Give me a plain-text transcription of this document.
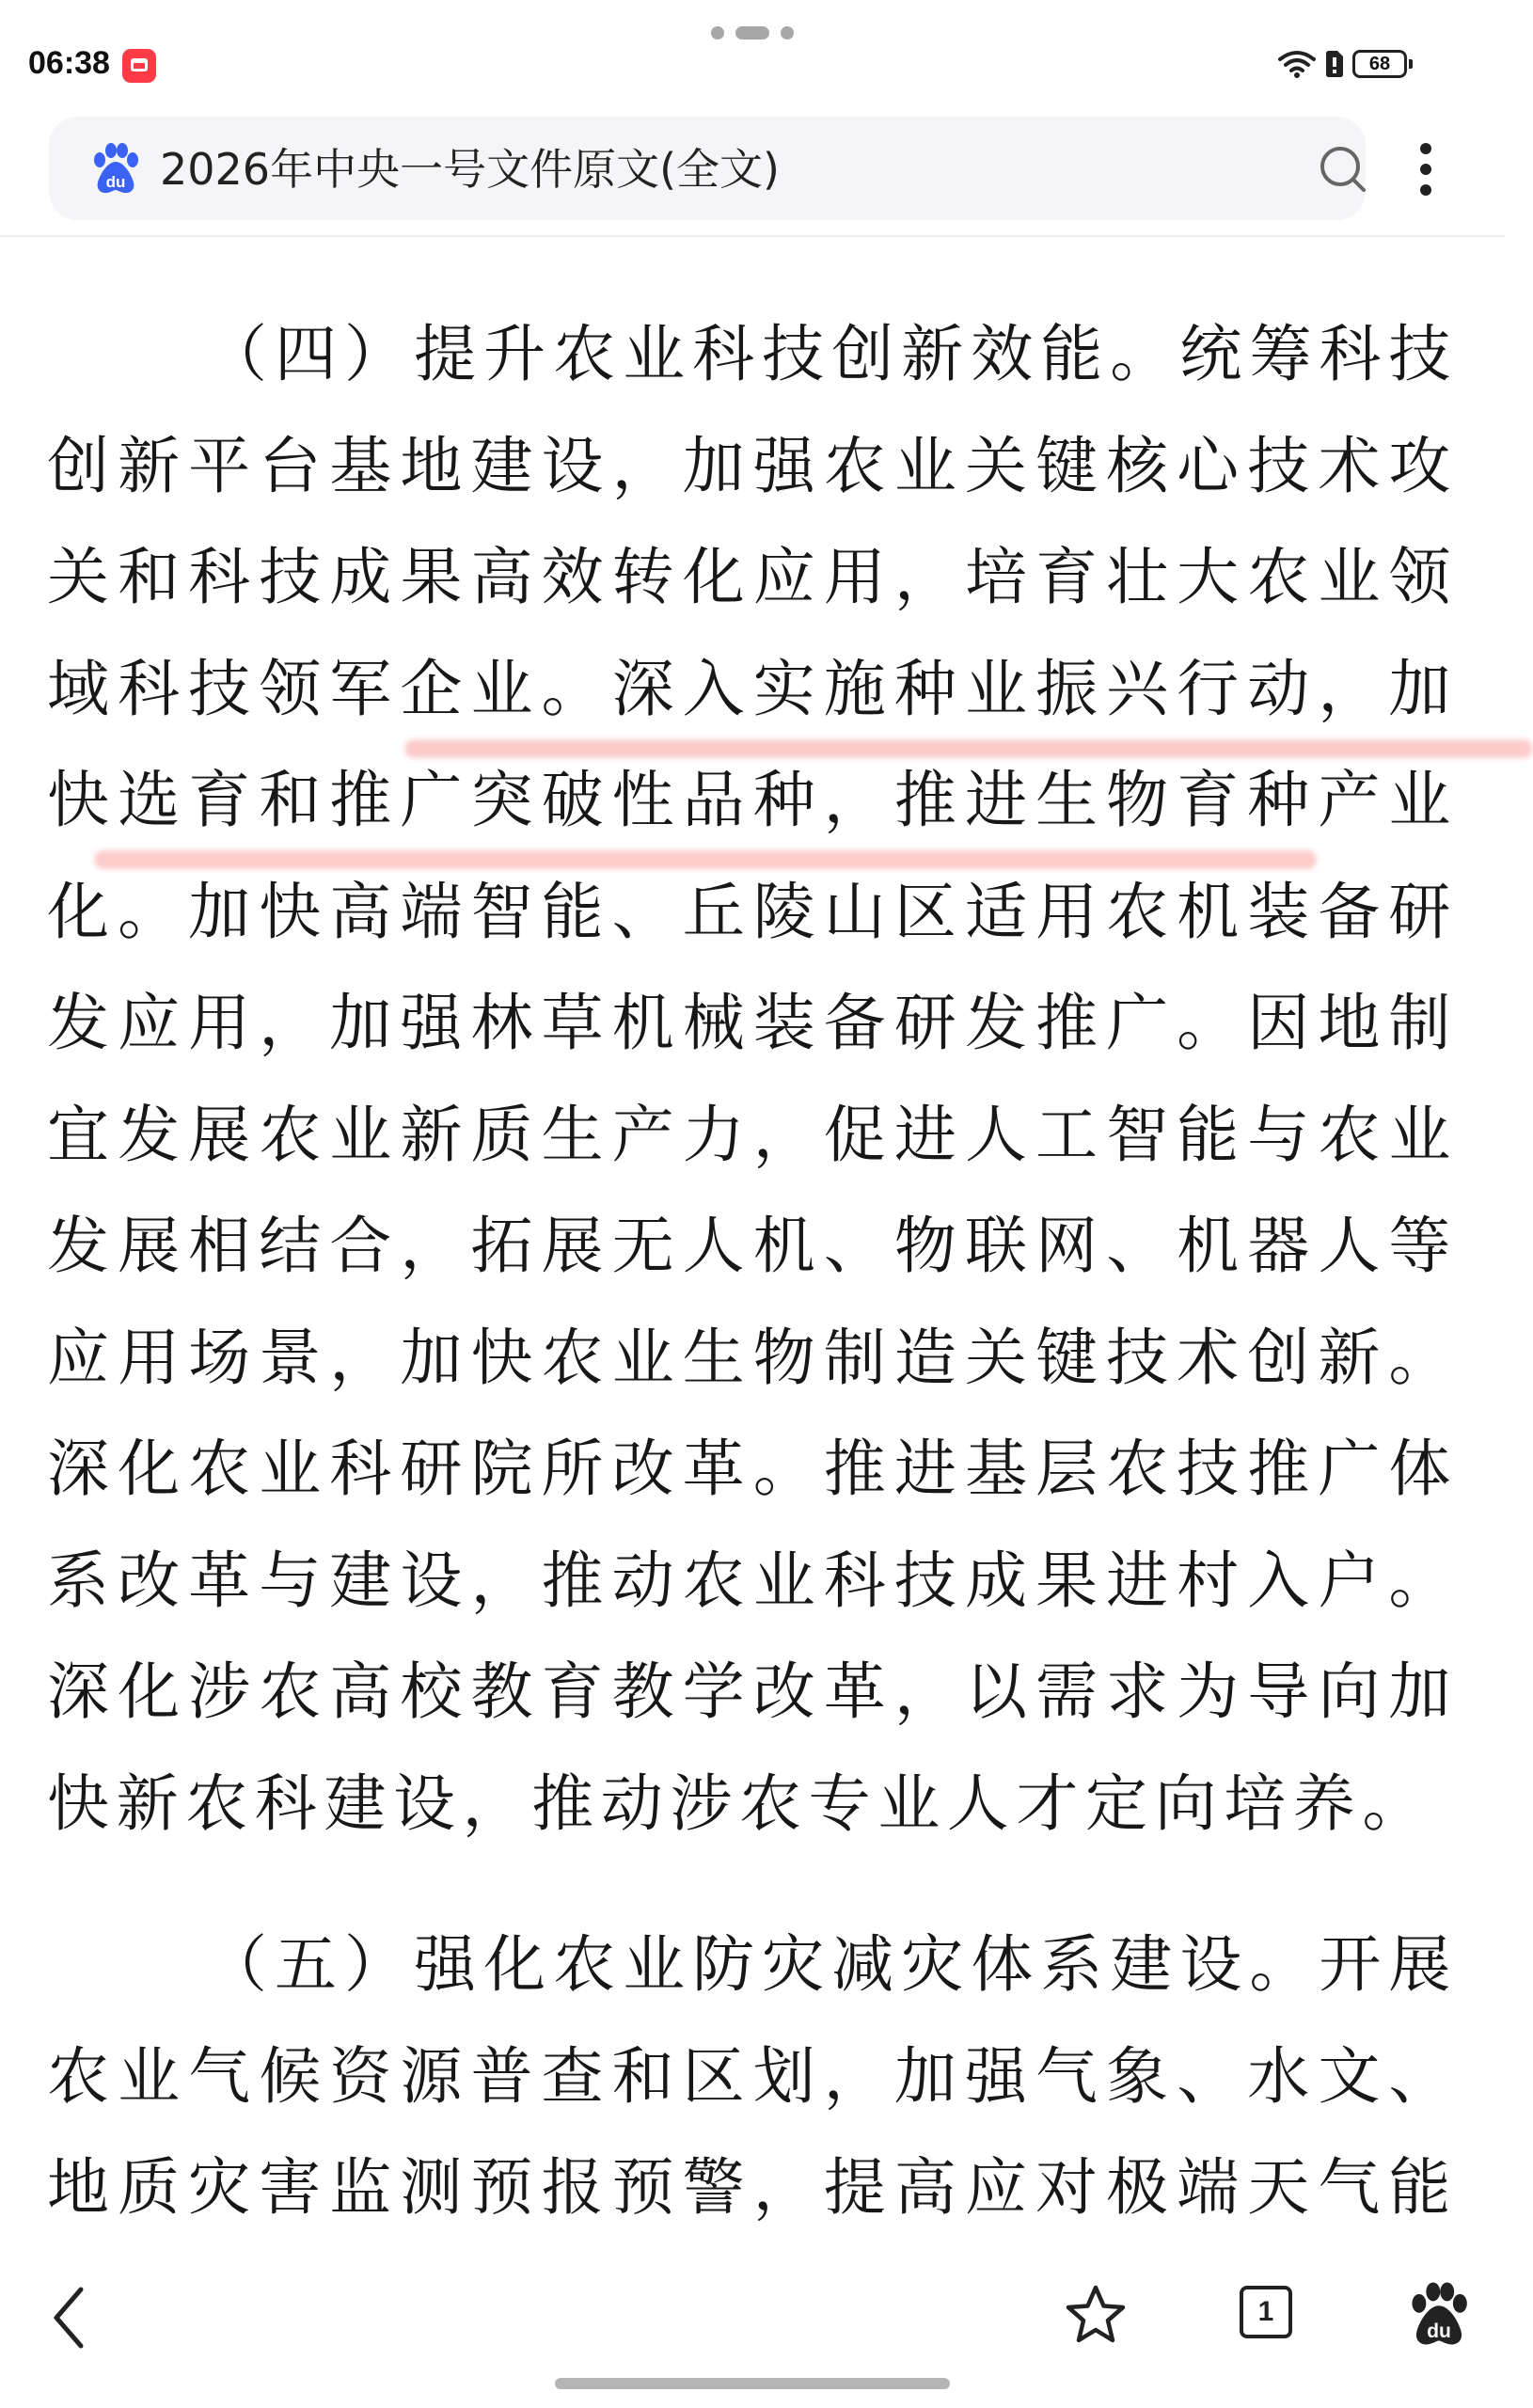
06:38	68
du 2026年中央一号文件原文(全文)

（四）提升农业科技创新效能。统筹科技创新平台基地建设，加强农业关键核心技术攻关和科技成果高效转化应用，培育壮大农业领域科技领军企业。深入实施种业振兴行动，加快选育和推广突破性品种，推进生物育种产业化。加快高端智能、丘陵山区适用农机装备研发应用，加强林草机械装备研发推广。因地制宜发展农业新质生产力，促进人工智能与农业发展相结合，拓展无人机、物联网、机器人等应用场景，加快农业生物制造关键技术创新。深化农业科研院所改革。推进基层农技推广体系改革与建设，推动农业科技成果进村入户。深化涉农高校教育教学改革，以需求为导向加快新农科建设，推动涉农专业人才定向培养。

（五）强化农业防灾减灾体系建设。开展农业气候资源普查和区划，加强气象、水文、地质灾害监测预报预警，提高应对极端天气能

1
du
